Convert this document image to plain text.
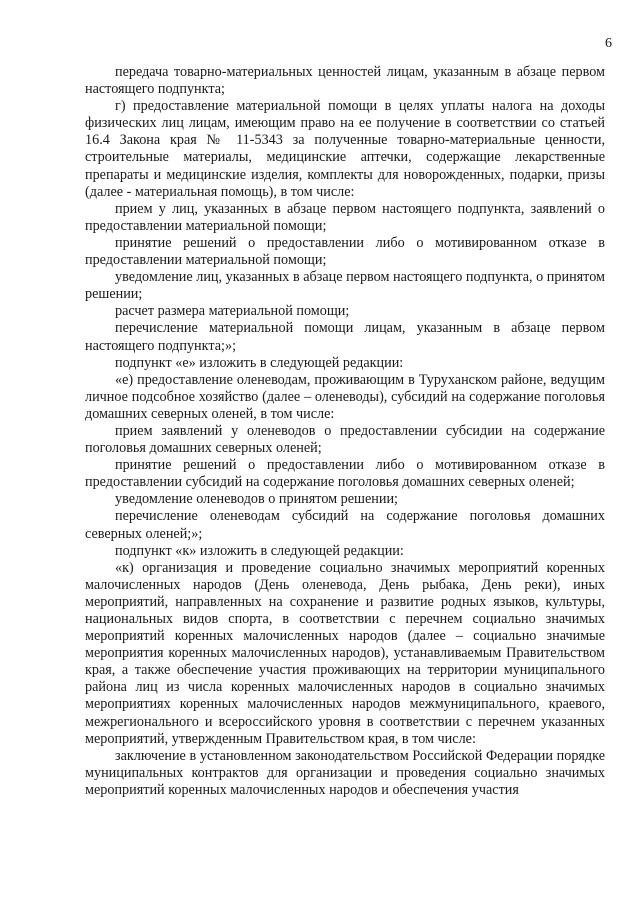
6

передача товарно-материальных ценностей лицам, указанным в абзаце первом настоящего подпункта;

г) предоставление материальной помощи в целях уплаты налога на доходы физических лиц лицам, имеющим право на ее получение в соответствии со статьей 16.4 Закона края № 11-5343 за полученные товарно-материальные ценности, строительные материалы, медицинские аптечки, содержащие лекарственные препараты и медицинские изделия, комплекты для новорожденных, подарки, призы (далее - материальная помощь), в том числе:

прием у лиц, указанных в абзаце первом настоящего подпункта, заявлений о предоставлении материальной помощи;

принятие решений о предоставлении либо о мотивированном отказе в предоставлении материальной помощи;

уведомление лиц, указанных в абзаце первом настоящего подпункта, о принятом решении;

расчет размера материальной помощи;

перечисление материальной помощи лицам, указанным в абзаце первом настоящего подпункта;»;

подпункт «е» изложить в следующей редакции:

«е) предоставление оленеводам, проживающим в Туруханском районе, ведущим личное подсобное хозяйство (далее – оленеводы), субсидий на содержание поголовья домашних северных оленей, в том числе:

прием заявлений у оленеводов о предоставлении субсидии на содержание поголовья домашних северных оленей;

принятие решений о предоставлении либо о мотивированном отказе в предоставлении субсидий на содержание поголовья домашних северных оленей;

уведомление оленеводов о принятом решении;

перечисление оленеводам субсидий на содержание поголовья домашних северных оленей;»;

подпункт «к» изложить в следующей редакции:

«к) организация и проведение социально значимых мероприятий коренных малочисленных народов (День оленевода, День рыбака, День реки), иных мероприятий, направленных на сохранение и развитие родных языков, культуры, национальных видов спорта, в соответствии с перечнем социально значимых мероприятий коренных малочисленных народов (далее – социально значимые мероприятия коренных малочисленных народов), устанавливаемым Правительством края, а также обеспечение участия проживающих на территории муниципального района лиц из числа коренных малочисленных народов в социально значимых мероприятиях коренных малочисленных народов межмуниципального, краевого, межрегионального и всероссийского уровня в соответствии с перечнем указанных мероприятий, утвержденным Правительством края, в том числе:

заключение в установленном законодательством Российской Федерации порядке муниципальных контрактов для организации и проведения социально значимых мероприятий коренных малочисленных народов и обеспечения участия
